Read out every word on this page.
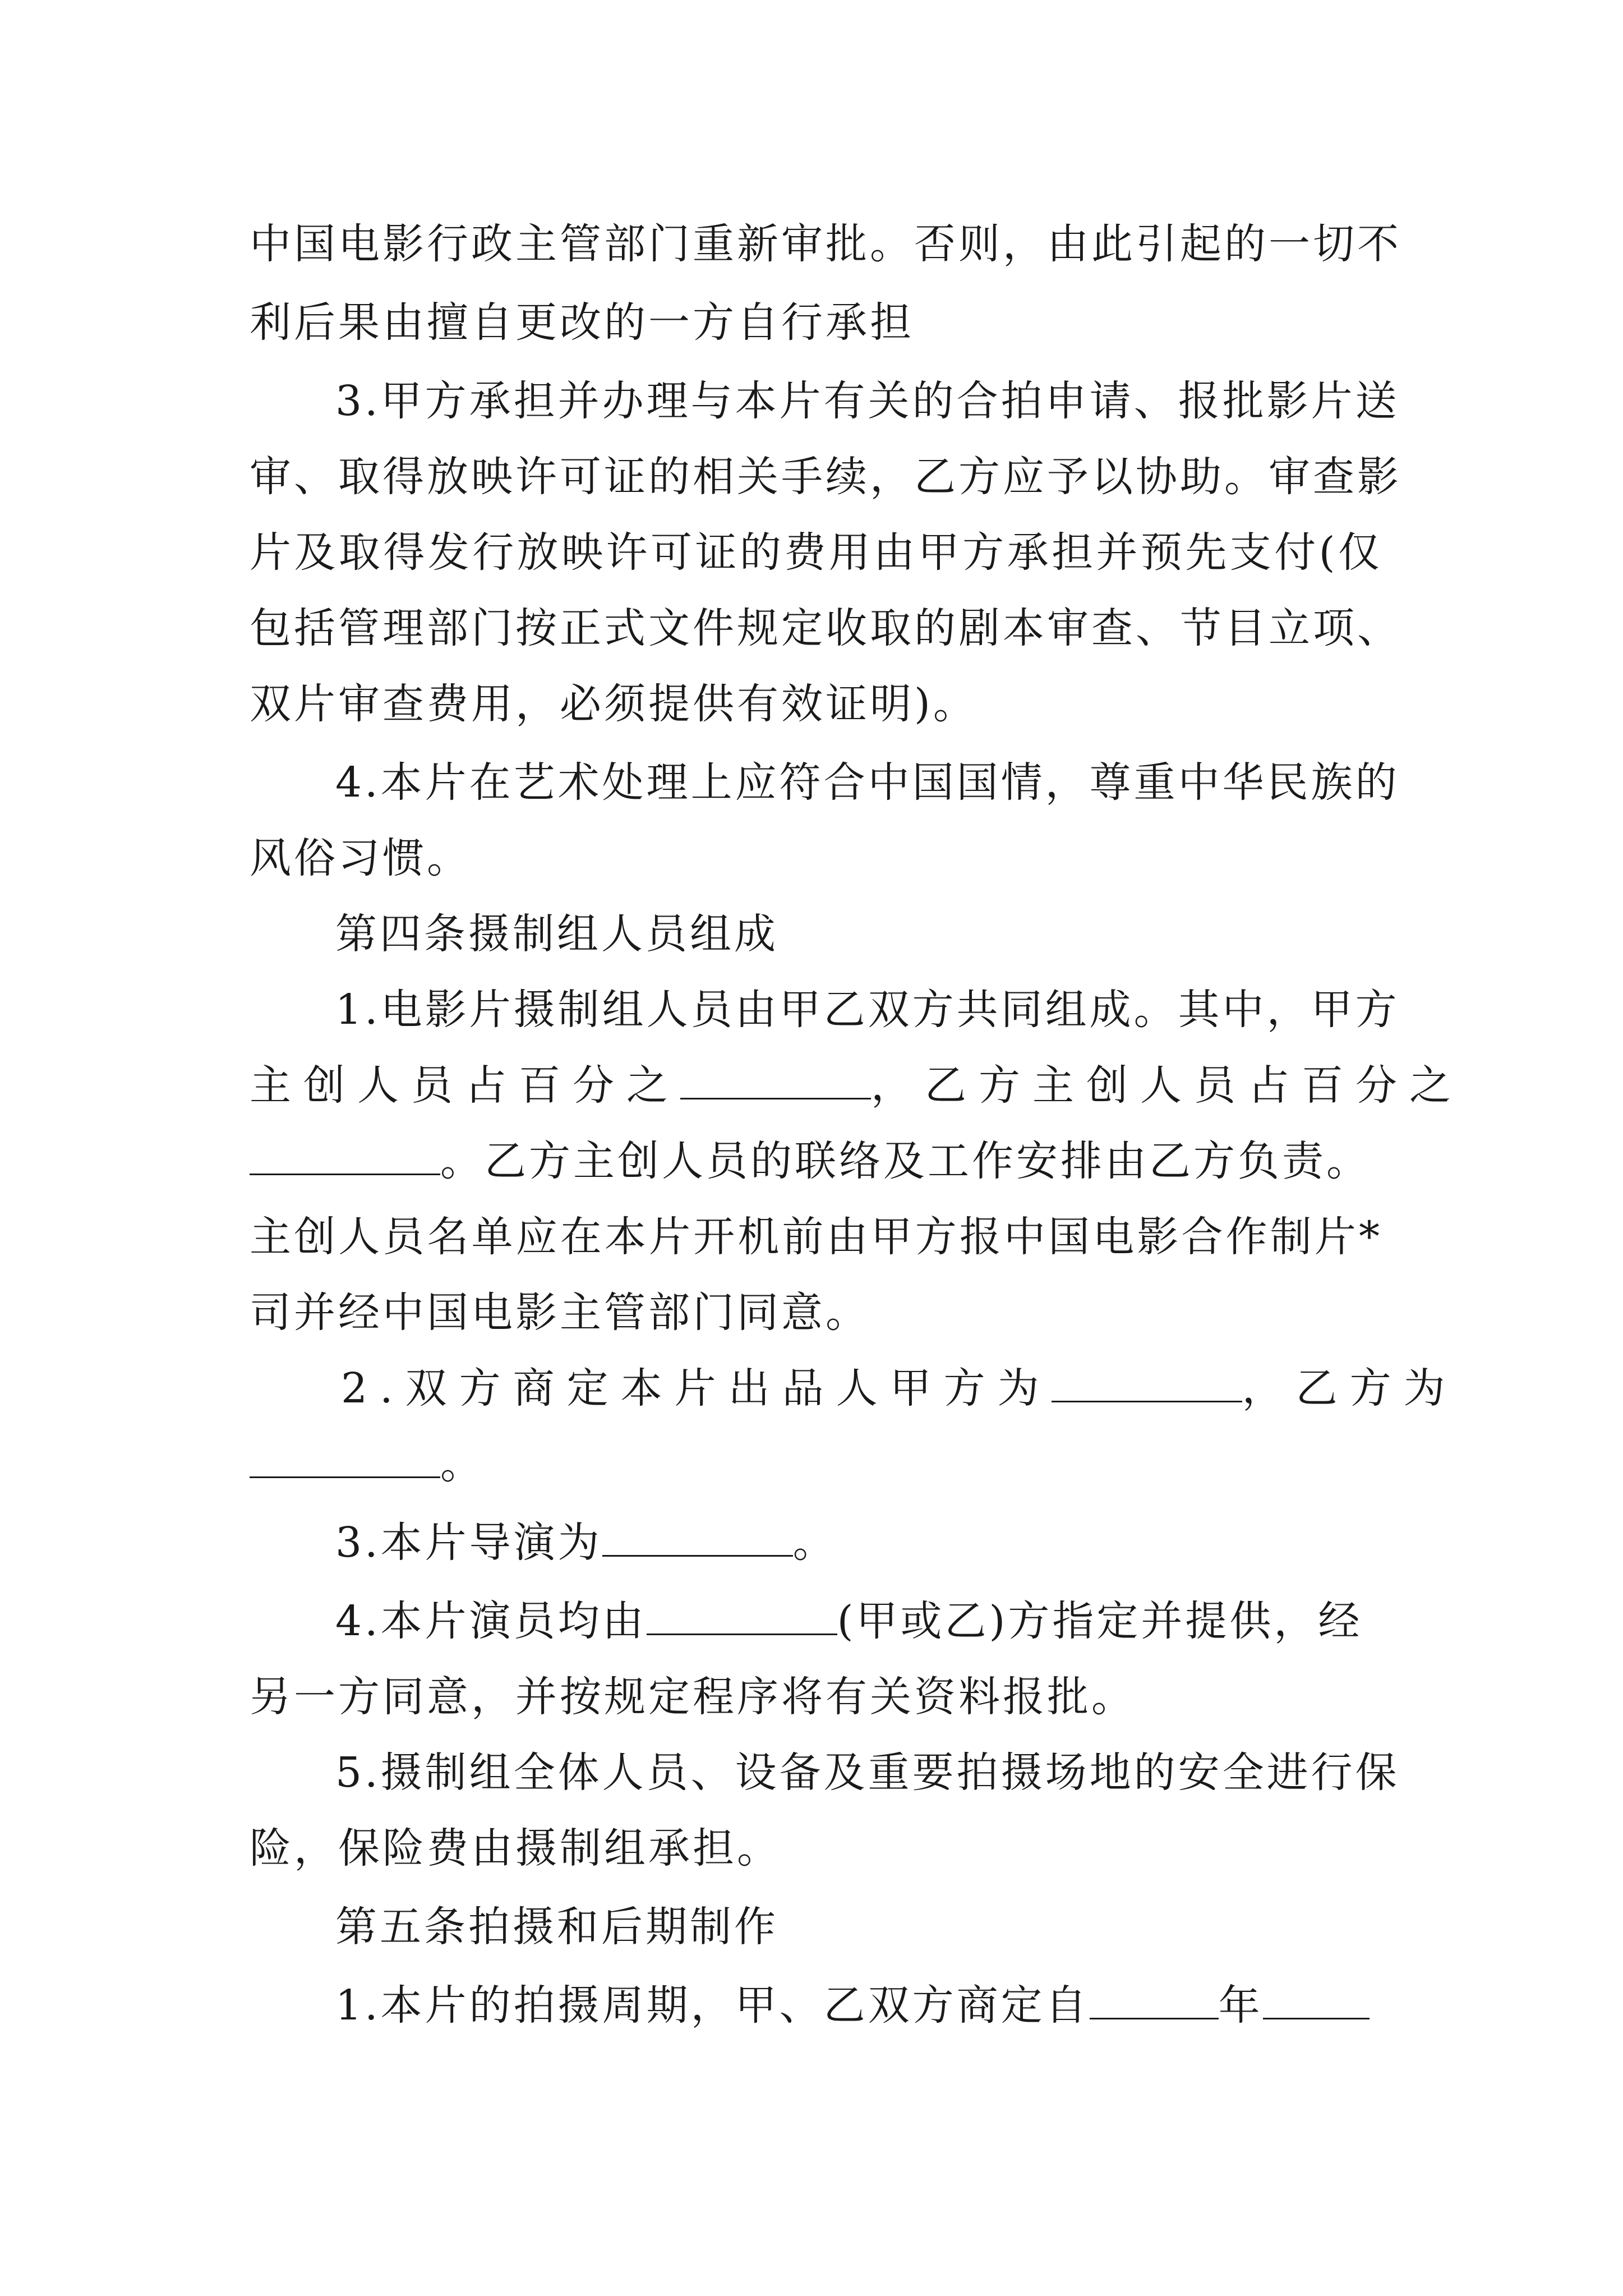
中国电影行政主管部门重新审批。否则，由此引起的一切不
利后果由擅自更改的一方自行承担
3.甲方承担并办理与本片有关的合拍申请、报批影片送
审、取得放映许可证的相关手续，乙方应予以协助。审查影
片及取得发行放映许可证的费用由甲方承担并预先支付(仅
包括管理部门按正式文件规定收取的剧本审查、节目立项、
双片审查费用，必须提供有效证明)。
4.本片在艺术处理上应符合中国国情，尊重中华民族的
风俗习惯。
第四条摄制组人员组成
1.电影片摄制组人员由甲乙双方共同组成。其中，甲方
主创人员占百分之	，乙方主创人员占百分之
。乙方主创人员的联络及工作安排由乙方负责。
主创人员名单应在本片开机前由甲方报中国电影合作制片*
司并经中国电影主管部门同意。
2.双方商定本片出品人甲方为	，乙方为
。
3.本片导演为	。
4.本片演员均由	(甲或乙)方指定并提供，经
另一方同意，并按规定程序将有关资料报批。
5.摄制组全体人员、设备及重要拍摄场地的安全进行保
险，保险费由摄制组承担。
第五条拍摄和后期制作
1.本片的拍摄周期，甲、乙双方商定自	年
